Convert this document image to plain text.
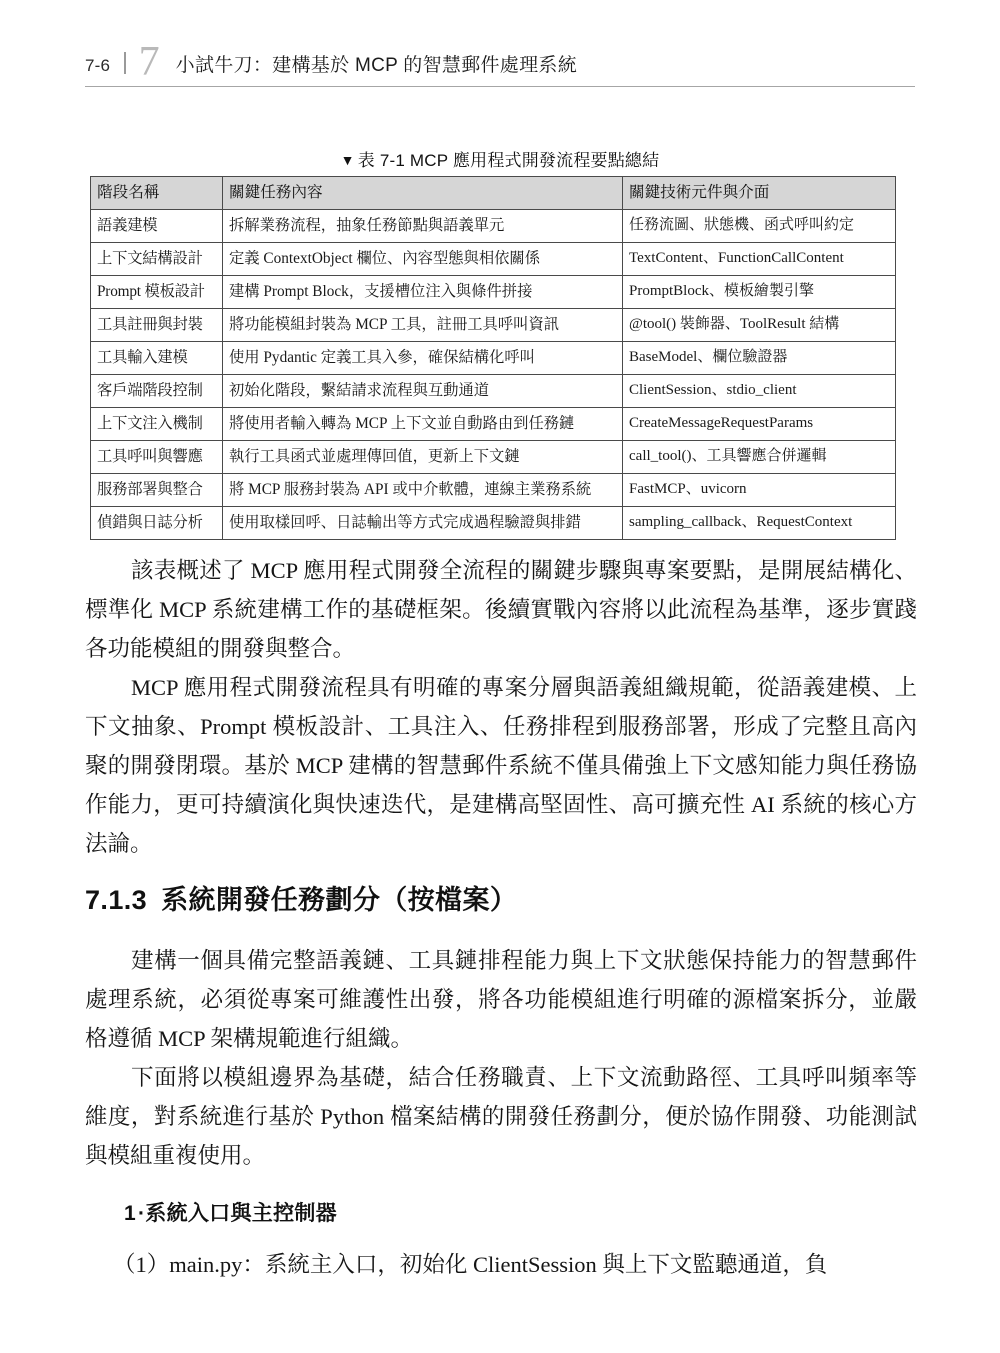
7-6 7 小試牛刀：建構基於 MCP 的智慧郵件處理系統
▼ 表 7-1 MCP 應用程式開發流程要點總結
階段名稱	關鍵任務內容	關鍵技術元件與介面
語義建模	拆解業務流程，抽象任務節點與語義單元	任務流圖、狀態機、函式呼叫約定
上下文結構設計	定義 ContextObject 欄位、內容型態與相依關係	TextContent、FunctionCallContent
Prompt 模板設計	建構 Prompt Block，支援槽位注入與條件拼接	PromptBlock、模板繪製引擎
工具註冊與封裝	將功能模組封裝為 MCP 工具，註冊工具呼叫資訊	@tool() 裝飾器、ToolResult 結構
工具輸入建模	使用 Pydantic 定義工具入參，確保結構化呼叫	BaseModel、欄位驗證器
客戶端階段控制	初始化階段，繫結請求流程與互動通道	ClientSession、stdio_client
上下文注入機制	將使用者輸入轉為 MCP 上下文並自動路由到任務鏈	CreateMessageRequestParams
工具呼叫與響應	執行工具函式並處理傳回值，更新上下文鏈	call_tool()、工具響應合併邏輯
服務部署與整合	將 MCP 服務封裝為 API 或中介軟體，連線主業務系統	FastMCP、uvicorn
偵錯與日誌分析	使用取樣回呼、日誌輸出等方式完成過程驗證與排錯	sampling_callback、RequestContext

該表概述了 MCP 應用程式開發全流程的關鍵步驟與專案要點，是開展結構化、標準化 MCP 系統建構工作的基礎框架。後續實戰內容將以此流程為基準，逐步實踐各功能模組的開發與整合。

MCP 應用程式開發流程具有明確的專案分層與語義組織規範，從語義建模、上下文抽象、Prompt 模板設計、工具注入、任務排程到服務部署，形成了完整且高內聚的開發閉環。基於 MCP 建構的智慧郵件系統不僅具備強上下文感知能力與任務協作能力，更可持續演化與快速迭代，是建構高堅固性、高可擴充性 AI 系統的核心方法論。

7.1.3 系統開發任務劃分（按檔案）

建構一個具備完整語義鏈、工具鏈排程能力與上下文狀態保持能力的智慧郵件處理系統，必須從專案可維護性出發，將各功能模組進行明確的源檔案拆分，並嚴格遵循 MCP 架構規範進行組織。

下面將以模組邊界為基礎，結合任務職責、上下文流動路徑、工具呼叫頻率等維度，對系統進行基於 Python 檔案結構的開發任務劃分，便於協作開發、功能測試與模組重複使用。

1·系統入口與主控制器

（1）main.py：系統主入口，初始化 ClientSession 與上下文監聽通道，負
